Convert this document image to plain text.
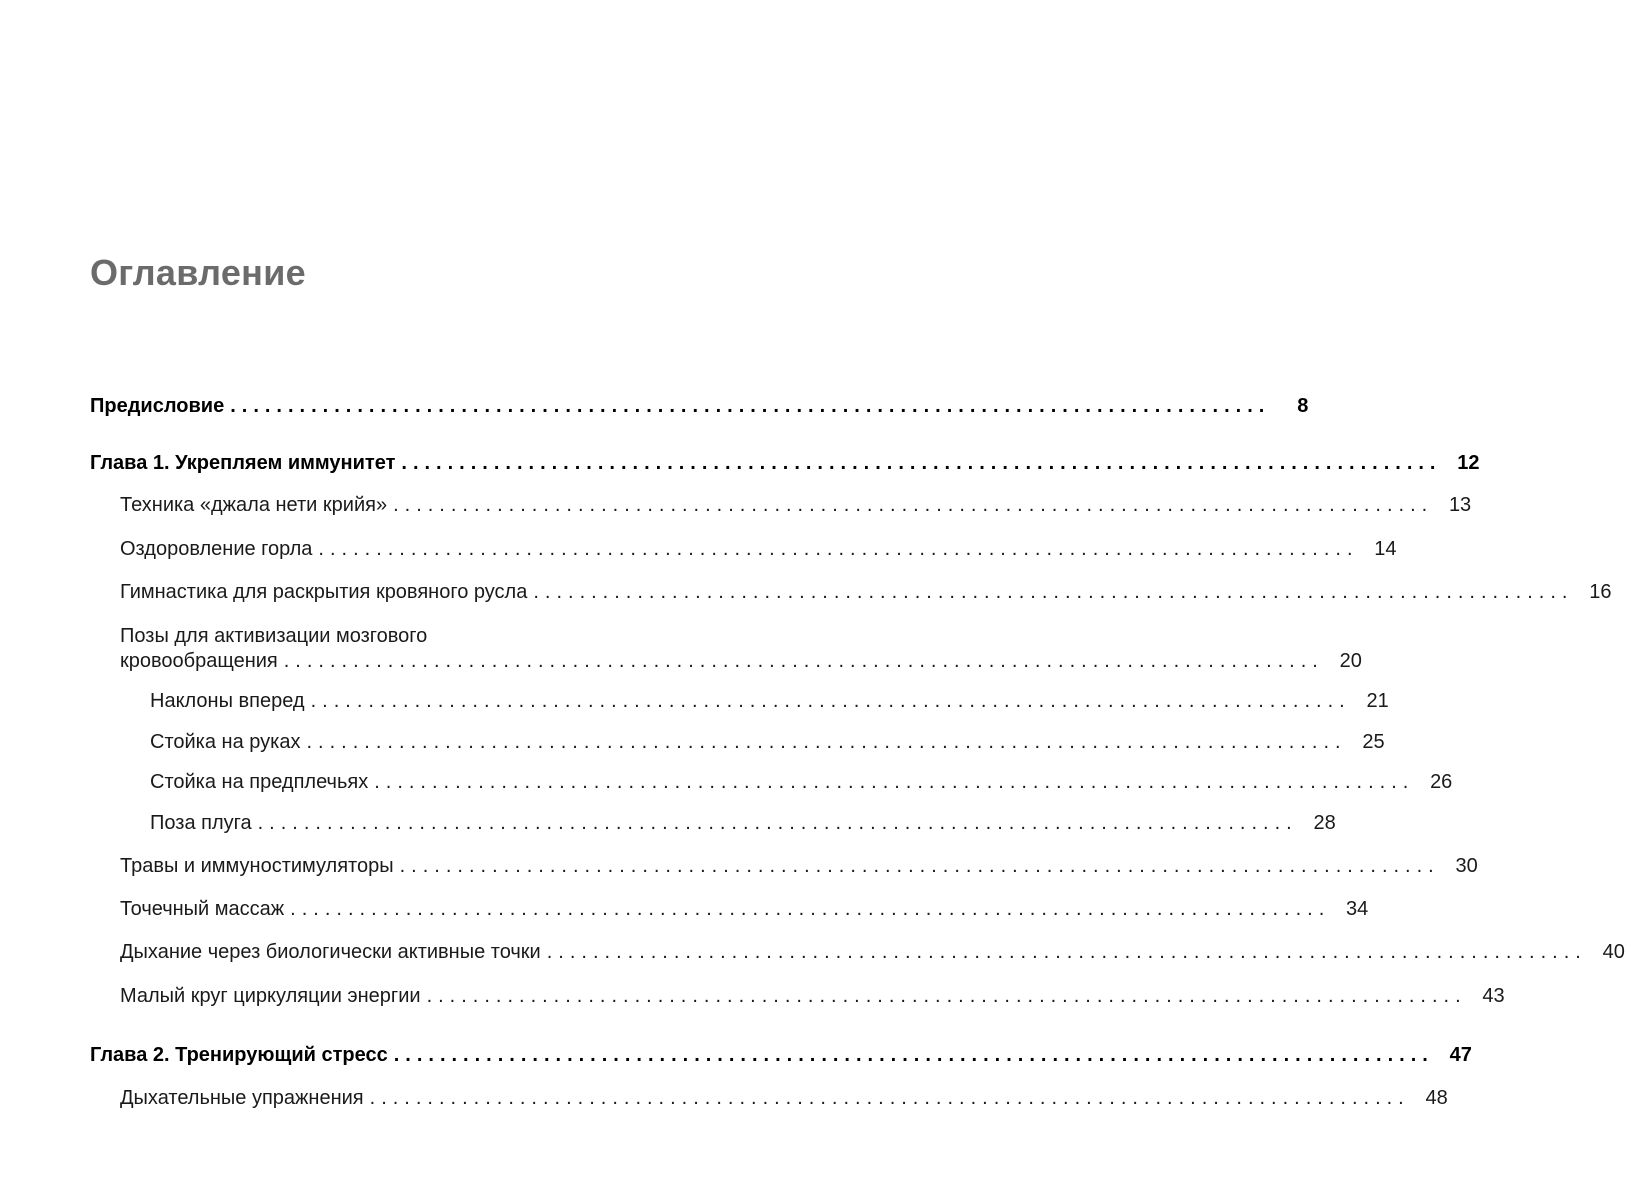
Оглавление
Предисловие ..........................................................................................	8
Глава 1. Укрепляем иммунитет .......................................................................................... 12
Техника «джала нети крийя» .......................................................................................... 13
Оздоровление горла .......................................................................................... 14
Гимнастика для раскрытия кровяного русла .......................................................................................... 16
Позы для активизации мозгового
кровообращения .......................................................................................... 20
Наклоны вперед .......................................................................................... 21
Стойка на руках .......................................................................................... 25
Стойка на предплечьях .......................................................................................... 26
Поза плуга .......................................................................................... 28
Травы и иммуностимуляторы .......................................................................................... 30
Точечный массаж .......................................................................................... 34
Дыхание через биологически активные точки .......................................................................................... 40
Малый круг циркуляции энергии .......................................................................................... 43
Глава 2. Тренирующий стресс .......................................................................................... 47
Дыхательные упражнения .......................................................................................... 48
